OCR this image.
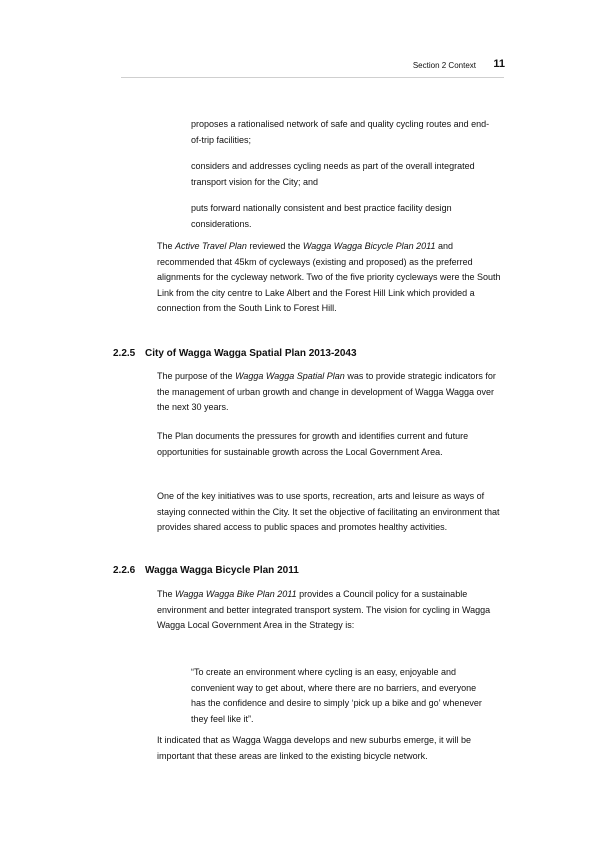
Section 2 Context 11

proposes a rationalised network of safe and quality cycling routes and end-of-trip facilities;

considers and addresses cycling needs as part of the overall integrated transport vision for the City; and

puts forward nationally consistent and best practice facility design considerations.

The Active Travel Plan reviewed the Wagga Wagga Bicycle Plan 2011 and recommended that 45km of cycleways (existing and proposed) as the preferred alignments for the cycleway network. Two of the five priority cycleways were the South Link from the city centre to Lake Albert and the Forest Hill Link which provided a connection from the South Link to Forest Hill.

2.2.5 City of Wagga Wagga Spatial Plan 2013-2043

The purpose of the Wagga Wagga Spatial Plan was to provide strategic indicators for the management of urban growth and change in development of Wagga Wagga over the next 30 years.

The Plan documents the pressures for growth and identifies current and future opportunities for sustainable growth across the Local Government Area.

One of the key initiatives was to use sports, recreation, arts and leisure as ways of staying connected within the City. It set the objective of facilitating an environment that provides shared access to public spaces and promotes healthy activities.

2.2.6 Wagga Wagga Bicycle Plan 2011

The Wagga Wagga Bike Plan 2011 provides a Council policy for a sustainable environment and better integrated transport system. The vision for cycling in Wagga Wagga Local Government Area in the Strategy is:

“To create an environment where cycling is an easy, enjoyable and convenient way to get about, where there are no barriers, and everyone has the confidence and desire to simply ‘pick up a bike and go’ whenever they feel like it”.

It indicated that as Wagga Wagga develops and new suburbs emerge, it will be important that these areas are linked to the existing bicycle network.
